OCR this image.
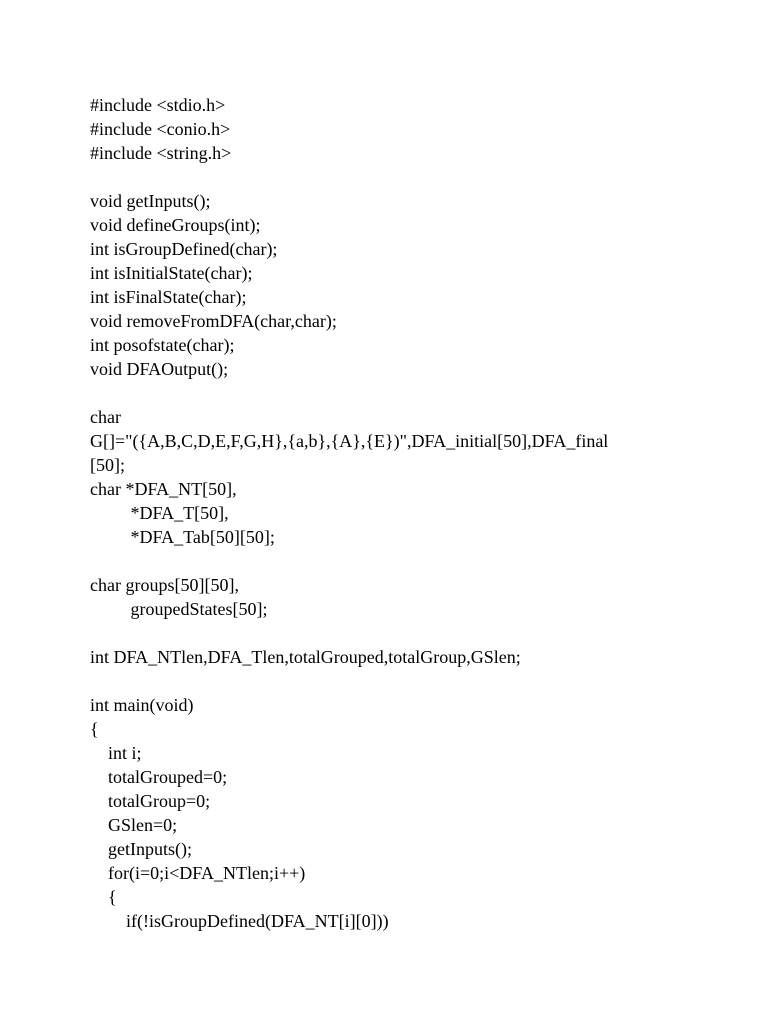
#include <stdio.h>
#include <conio.h>
#include <string.h>
void getInputs();
void defineGroups(int);
int isGroupDefined(char);
int isInitialState(char);
int isFinalState(char);
void removeFromDFA(char,char);
int posofstate(char);
void DFAOutput();
char
G[]="({A,B,C,D,E,F,G,H},{a,b},{A},{E})",DFA_initial[50],DFA_final
[50];
char *DFA_NT[50],
*DFA_T[50],
*DFA_Tab[50][50];
char groups[50][50],
groupedStates[50];
int DFA_NTlen,DFA_Tlen,totalGrouped,totalGroup,GSlen;
int main(void)
{
int i;
totalGrouped=0;
totalGroup=0;
GSlen=0;
getInputs();
for(i=0;i<DFA_NTlen;i++)
{
if(!isGroupDefined(DFA_NT[i][0]))
